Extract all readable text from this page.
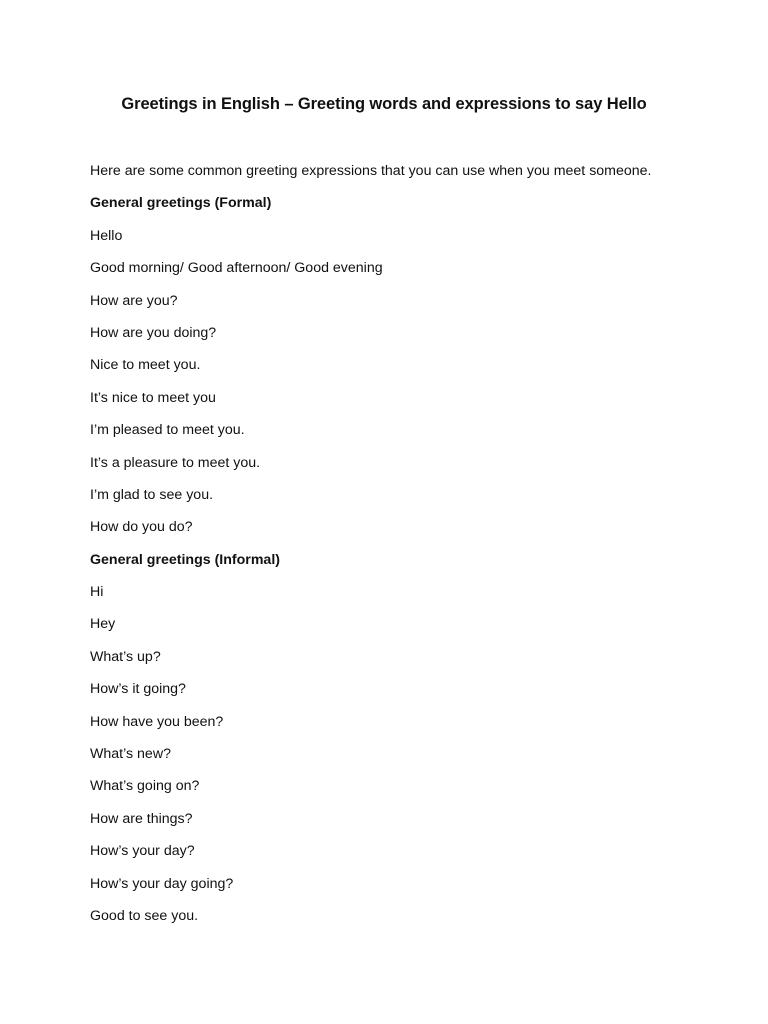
Greetings in English – Greeting words and expressions to say Hello

Here are some common greeting expressions that you can use when you meet someone.

General greetings (Formal)

Hello

Good morning/ Good afternoon/ Good evening

How are you?

How are you doing?

Nice to meet you.

It’s nice to meet you

I’m pleased to meet you.

It’s a pleasure to meet you.

I’m glad to see you.

How do you do?

General greetings (Informal)

Hi

Hey

What’s up?

How’s it going?

How have you been?

What’s new?

What’s going on?

How are things?

How’s your day?

How’s your day going?

Good to see you.
